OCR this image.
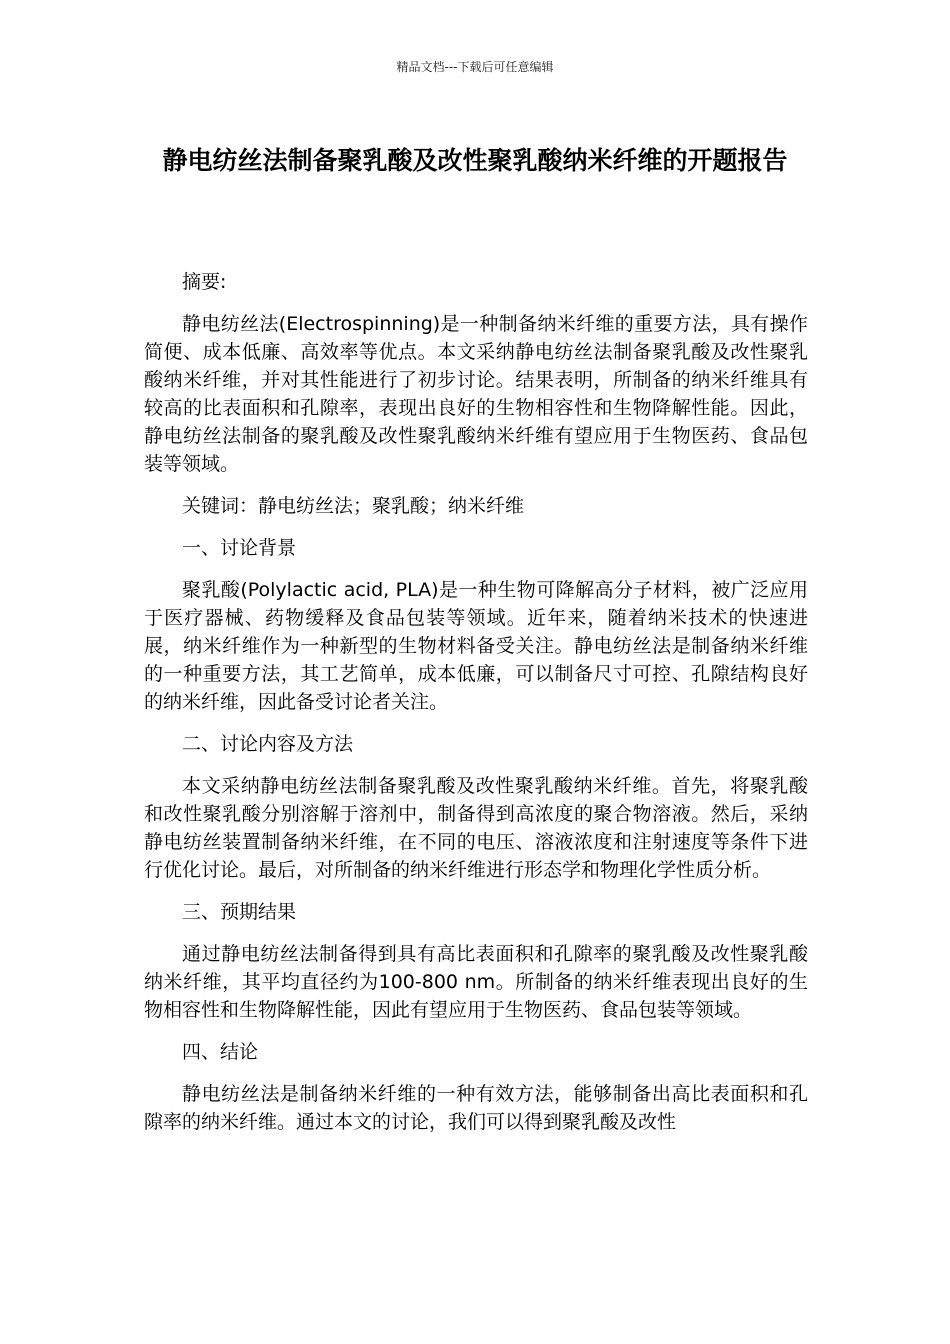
精品文档---下载后可任意编辑
静电纺丝法制备聚乳酸及改性聚乳酸纳米纤维的开题报告

摘要:

静电纺丝法(Electrospinning)是一种制备纳米纤维的重要方法，具有操作简便、成本低廉、高效率等优点。本文采纳静电纺丝法制备聚乳酸及改性聚乳酸纳米纤维，并对其性能进行了初步讨论。结果表明，所制备的纳米纤维具有较高的比表面积和孔隙率，表现出良好的生物相容性和生物降解性能。因此，静电纺丝法制备的聚乳酸及改性聚乳酸纳米纤维有望应用于生物医药、食品包装等领域。

关键词：静电纺丝法；聚乳酸；纳米纤维

一、讨论背景

聚乳酸(Polylactic acid, PLA)是一种生物可降解高分子材料，被广泛应用于医疗器械、药物缓释及食品包装等领域。近年来，随着纳米技术的快速进展，纳米纤维作为一种新型的生物材料备受关注。静电纺丝法是制备纳米纤维的一种重要方法，其工艺简单，成本低廉，可以制备尺寸可控、孔隙结构良好的纳米纤维，因此备受讨论者关注。

二、讨论内容及方法

本文采纳静电纺丝法制备聚乳酸及改性聚乳酸纳米纤维。首先，将聚乳酸和改性聚乳酸分别溶解于溶剂中，制备得到高浓度的聚合物溶液。然后，采纳静电纺丝装置制备纳米纤维，在不同的电压、溶液浓度和注射速度等条件下进行优化讨论。最后，对所制备的纳米纤维进行形态学和物理化学性质分析。

三、预期结果

通过静电纺丝法制备得到具有高比表面积和孔隙率的聚乳酸及改性聚乳酸纳米纤维，其平均直径约为100-800 nm。所制备的纳米纤维表现出良好的生物相容性和生物降解性能，因此有望应用于生物医药、食品包装等领域。

四、结论

静电纺丝法是制备纳米纤维的一种有效方法，能够制备出高比表面积和孔隙率的纳米纤维。通过本文的讨论，我们可以得到聚乳酸及改性
